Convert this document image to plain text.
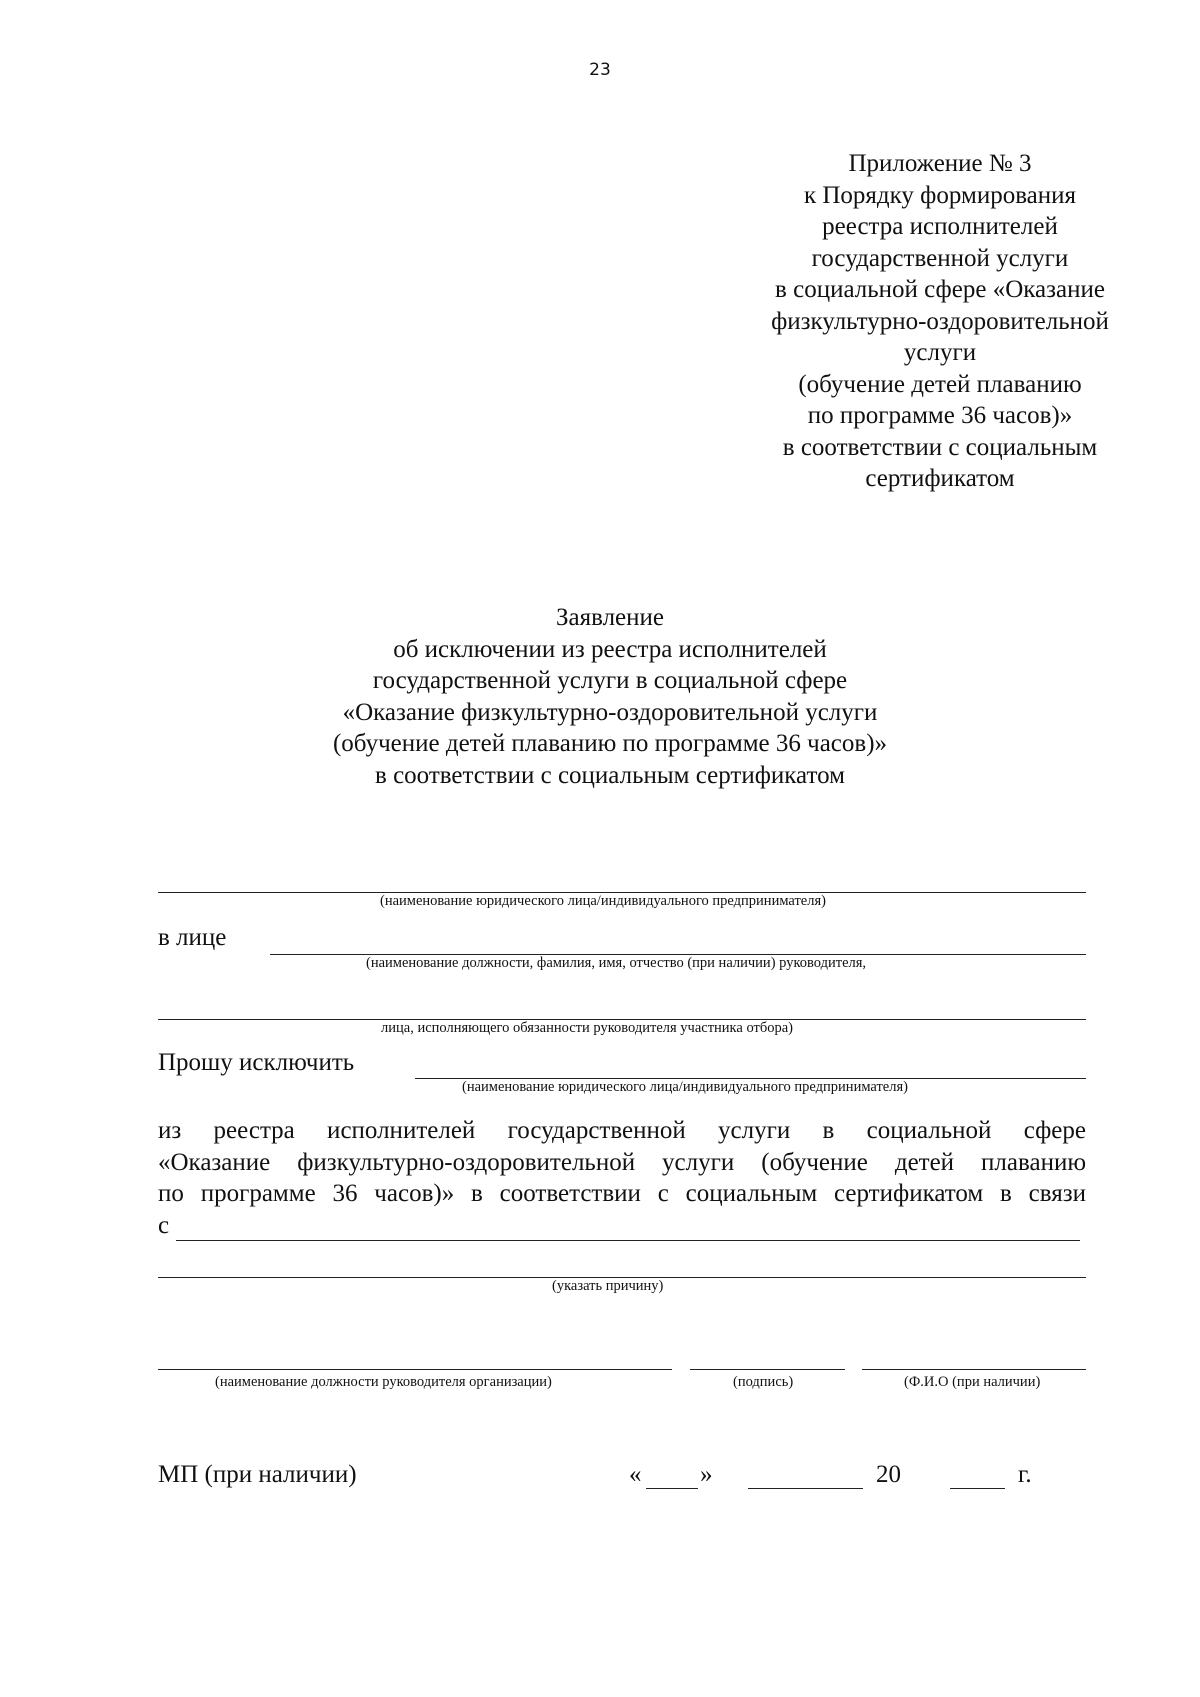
23
Приложение № 3
к Порядку формирования
реестра исполнителей
государственной услуги
в социальной сфере «Оказание
физкультурно-оздоровительной
услуги
(обучение детей плаванию
по программе 36 часов)»
в соответствии с социальным
сертификатом
Заявление
об исключении из реестра исполнителей
государственной услуги в социальной сфере
«Оказание физкультурно-оздоровительной услуги
(обучение детей плаванию по программе 36 часов)»
в соответствии с социальным сертификатом
(наименование юридического лица/индивидуального предпринимателя)
в лице
(наименование должности, фамилия, имя, отчество (при наличии) руководителя,
лица, исполняющего обязанности руководителя участника отбора)
Прошу исключить
(наименование юридического лица/индивидуального предпринимателя)
из реестра исполнителей государственной услуги в социальной сфере
«Оказание физкультурно-оздоровительной услуги (обучение детей плаванию
по программе 36 часов)» в соответствии с социальным сертификатом в связи
с
(указать причину)
(наименование должности руководителя организации)	(подпись)	(Ф.И.О (при наличии)
МП (при наличии)	« »	20	г.
